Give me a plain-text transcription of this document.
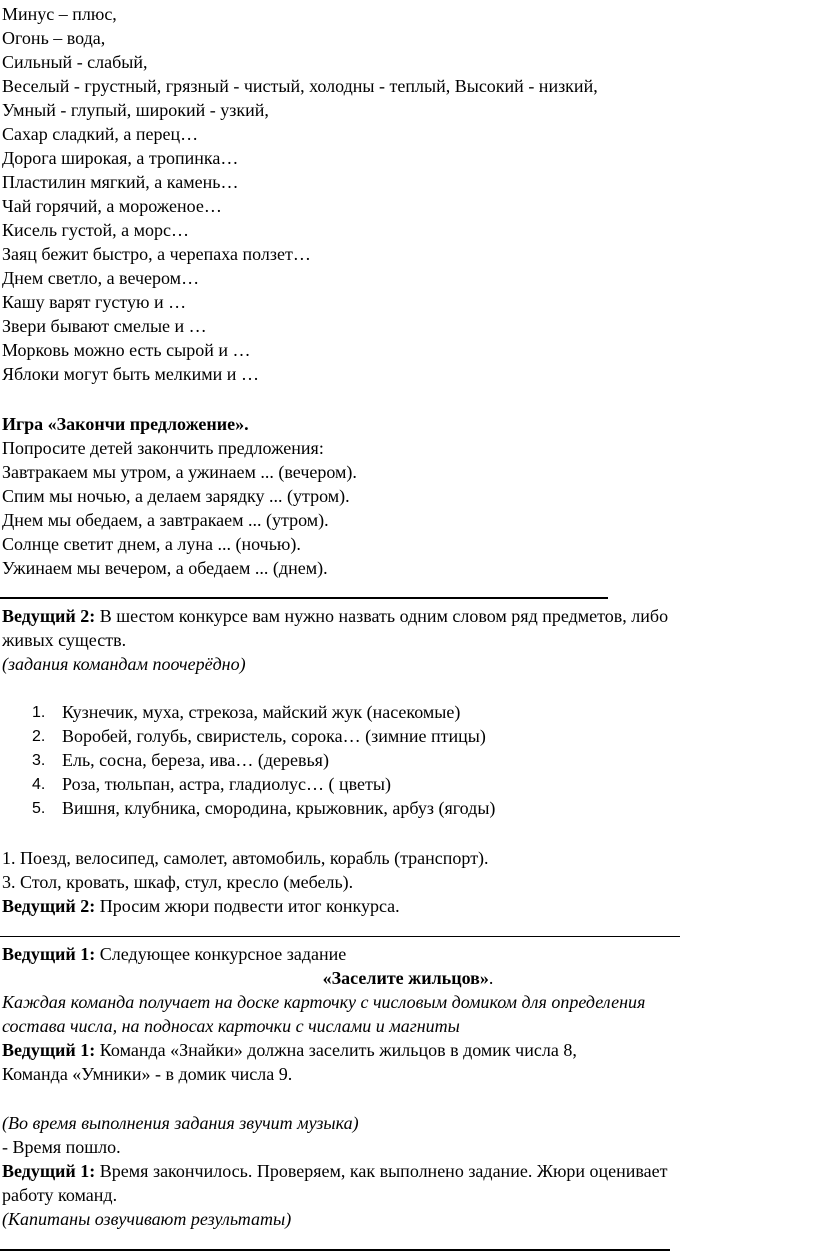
Минус – плюс,
Огонь – вода,
Сильный - слабый,
Веселый - грустный, грязный - чистый, холодны - теплый, Высокий - низкий,
Умный - глупый, широкий - узкий,
Сахар сладкий, а перец…
Дорога широкая, а тропинка…
Пластилин мягкий, а камень…
Чай горячий, а мороженое…
Кисель густой, а морс…
Заяц бежит быстро, а черепаха ползет…
Днем светло, а вечером…
Кашу варят густую и …
Звери бывают смелые и …
Морковь можно есть сырой и …
Яблоки могут быть мелкими и …
Игра «Закончи предложение».
Попросите детей закончить предложения:
Завтракаем мы утром, а ужинаем ... (вечером).
Спим мы ночью, а делаем зарядку ... (утром).
Днем мы обедаем, а завтракаем ... (утром).
Солнце светит днем, а луна ... (ночью).
Ужинаем мы вечером, а обедаем ... (днем).
Ведущий 2: В шестом конкурсе вам нужно назвать одним словом ряд предметов, либо
живых существ.
(задания командам поочерёдно)
1. Кузнечик, муха, стрекоза, майский жук (насекомые)
2. Воробей, голубь, свиристель, сорока… (зимние птицы)
3. Ель, сосна, береза, ива… (деревья)
4. Роза, тюльпан, астра, гладиолус… ( цветы)
5. Вишня, клубника, смородина, крыжовник, арбуз (ягоды)
1. Поезд, велосипед, самолет, автомобиль, корабль (транспорт).
3. Стол, кровать, шкаф, стул, кресло (мебель).
Ведущий 2: Просим жюри подвести итог конкурса.
Ведущий 1: Следующее конкурсное задание
«Заселите жильцов».
Каждая команда получает на доске карточку с числовым домиком для определения
состава числа, на подносах карточки с числами и магниты
Ведущий 1: Команда «Знайки» должна заселить жильцов в домик числа 8,
Команда «Умники» - в домик числа 9.
(Во время выполнения задания звучит музыка)
- Время пошло.
Ведущий 1: Время закончилось. Проверяем, как выполнено задание. Жюри оценивает
работу команд.
(Капитаны озвучивают результаты)
